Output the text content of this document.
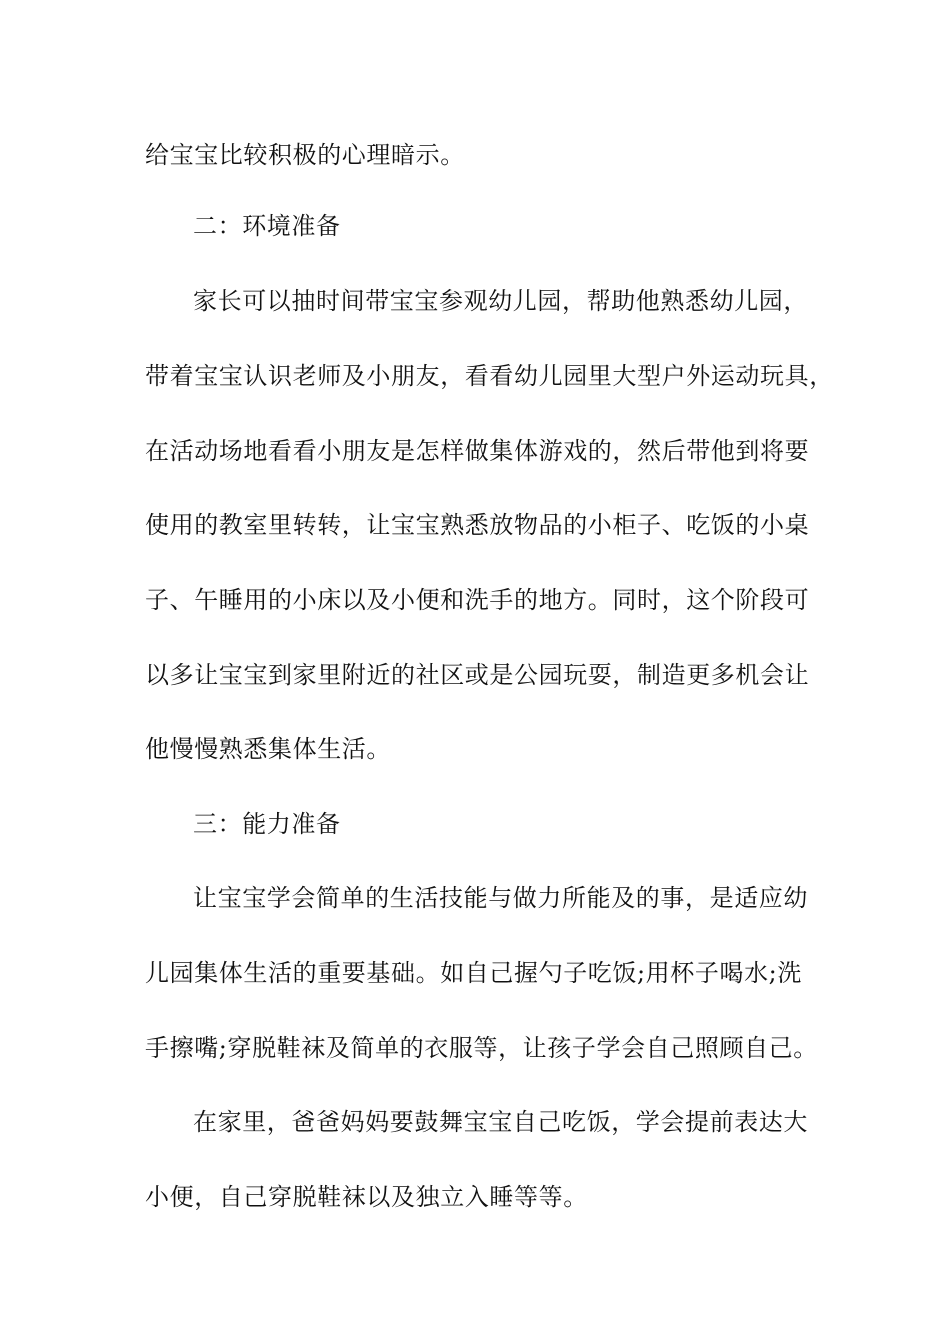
给宝宝比较积极的心理暗示。
二：环境准备
家长可以抽时间带宝宝参观幼儿园，帮助他熟悉幼儿园，
带着宝宝认识老师及小朋友，看看幼儿园里大型户外运动玩具，
在活动场地看看小朋友是怎样做集体游戏的，然后带他到将要
使用的教室里转转，让宝宝熟悉放物品的小柜子、吃饭的小桌
子、午睡用的小床以及小便和洗手的地方。同时，这个阶段可
以多让宝宝到家里附近的社区或是公园玩耍，制造更多机会让
他慢慢熟悉集体生活。
三：能力准备
让宝宝学会简单的生活技能与做力所能及的事，是适应幼
儿园集体生活的重要基础。如自己握勺子吃饭;用杯子喝水;洗
手擦嘴;穿脱鞋袜及简单的衣服等，让孩子学会自己照顾自己。
在家里，爸爸妈妈要鼓舞宝宝自己吃饭，学会提前表达大
小便，自己穿脱鞋袜以及独立入睡等等。
